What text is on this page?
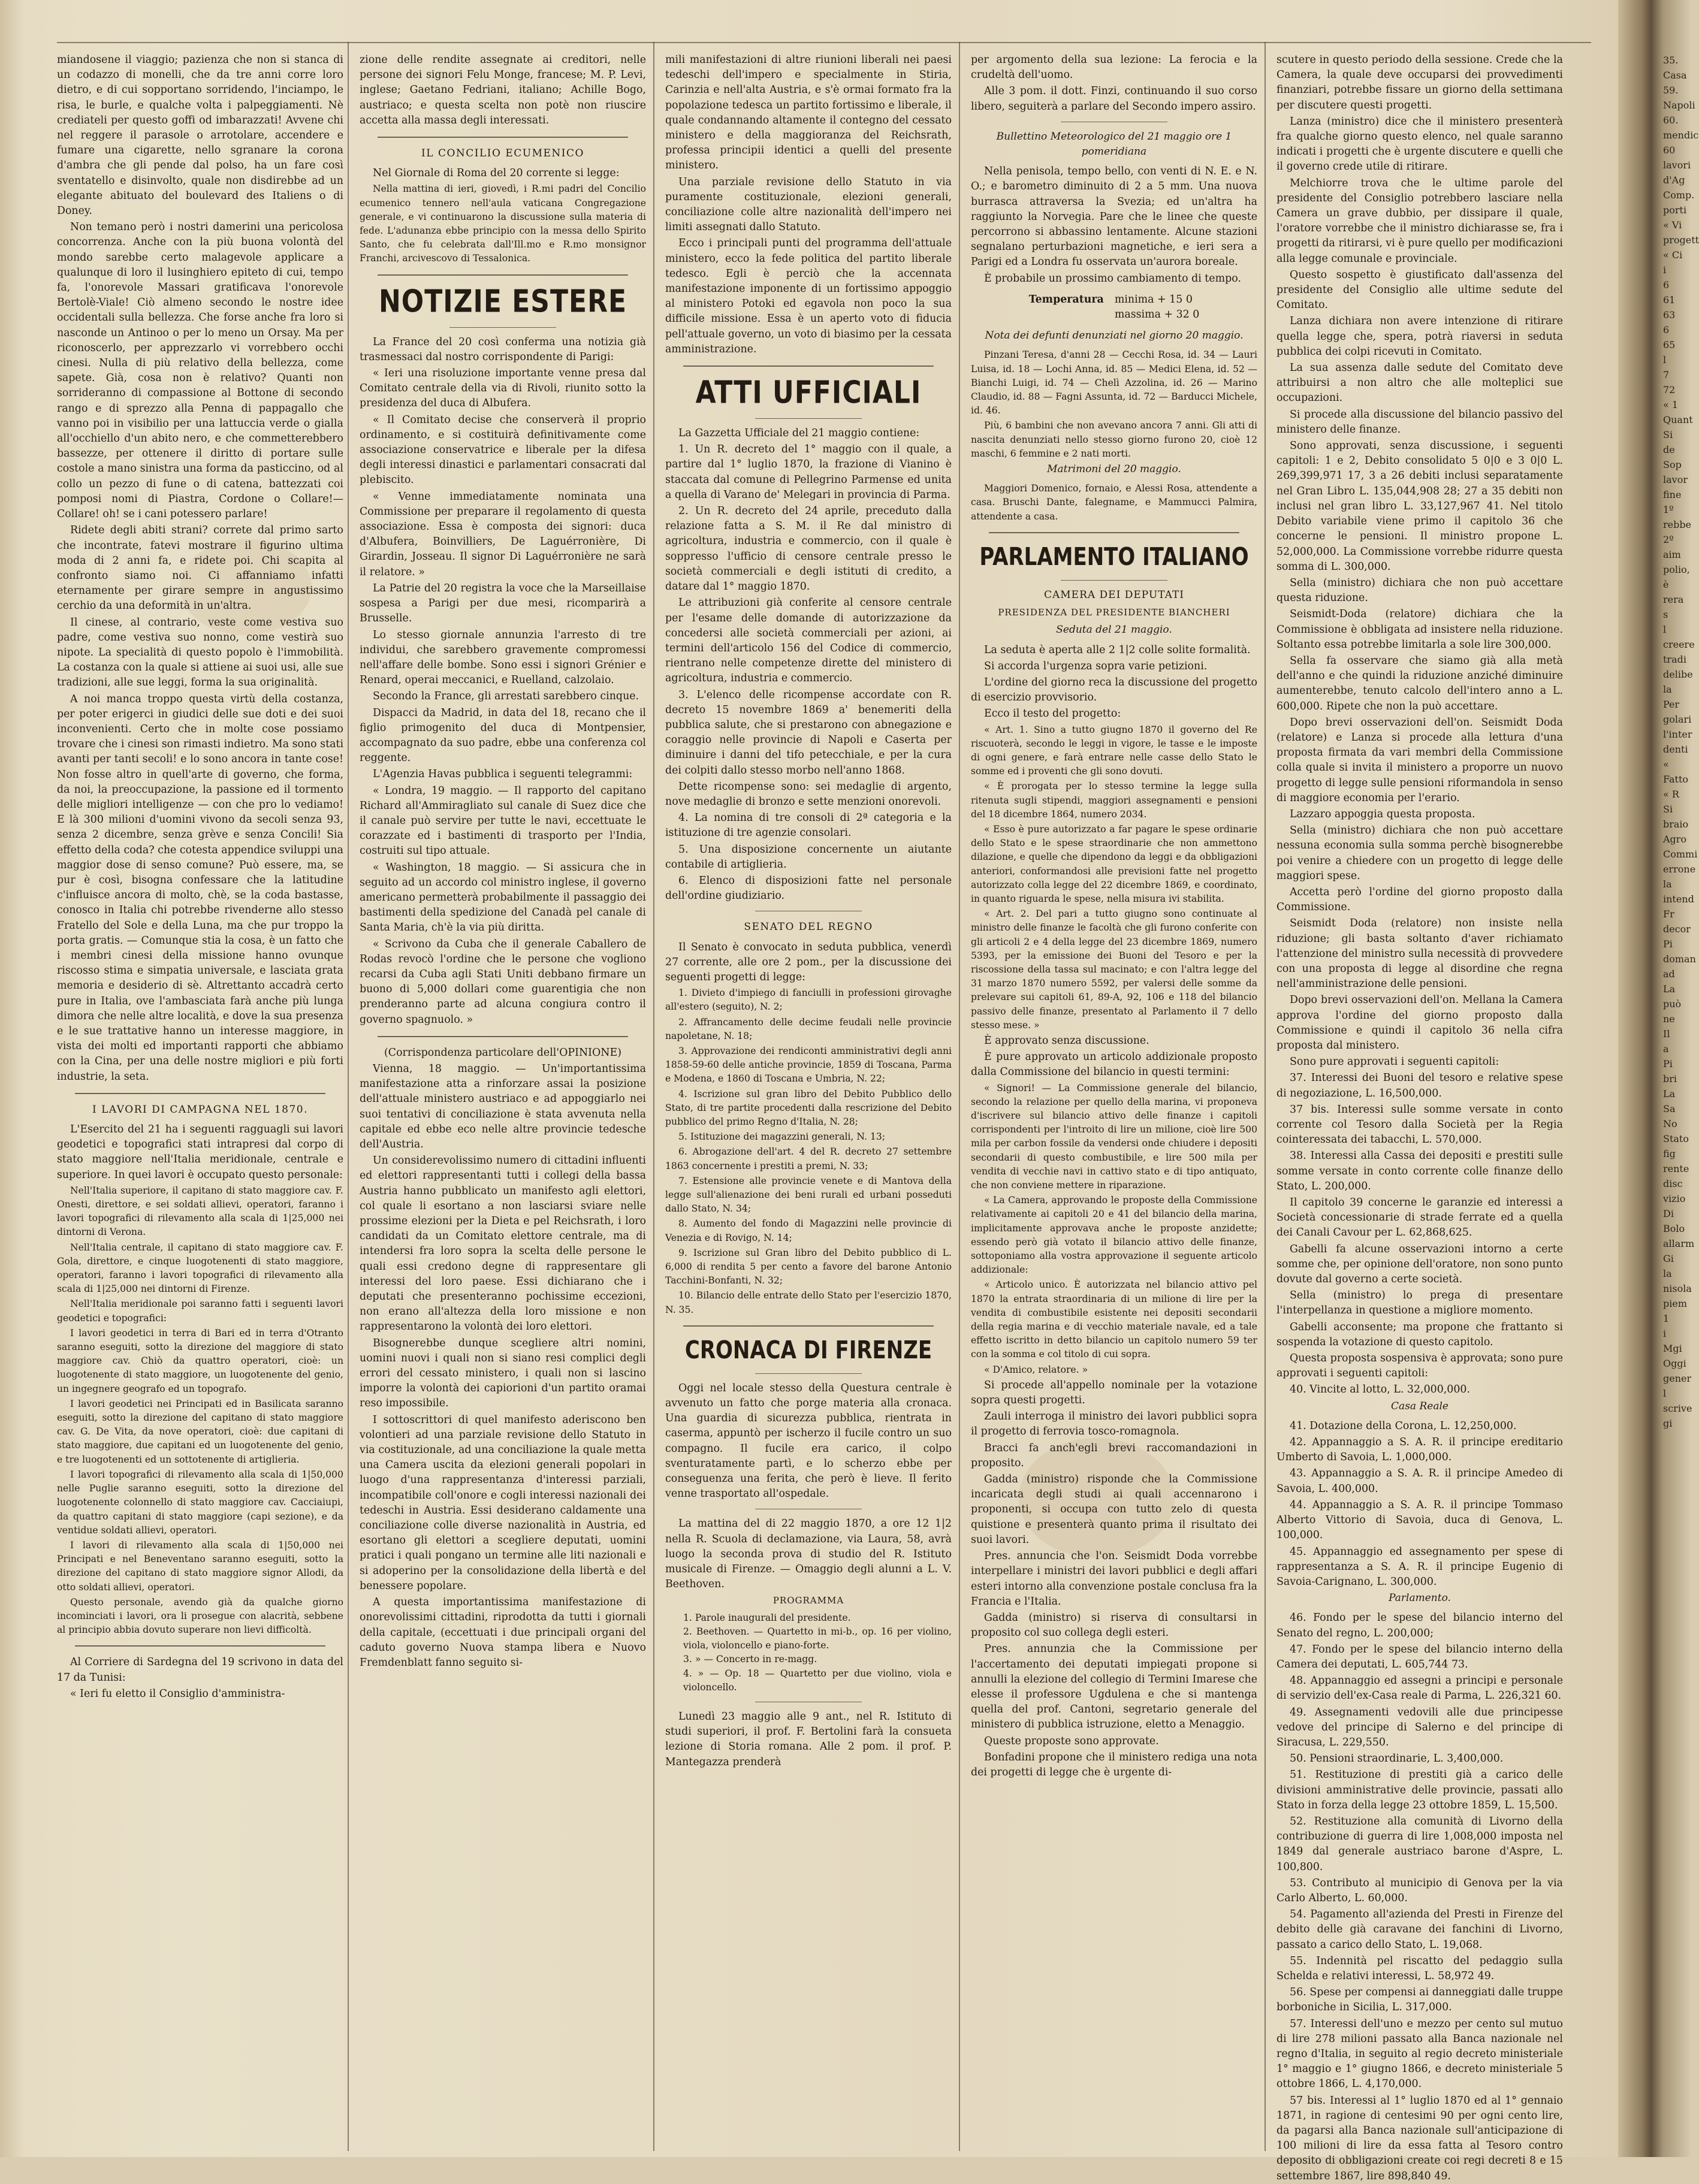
miandosene il viaggio; pazienza che non si stanca di un codazzo di monelli, che da tre anni corre loro dietro, e di cui sopportano sorridendo, l'inciampo, le risa, le burle, e qualche volta i palpeggiamenti. Nè crediateli per questo goffi od imbarazzati! Avvene chi nel reggere il parasole o arrotolare, accendere e fumare una cigarette, nello sgranare la corona d'ambra che gli pende dal polso, ha un fare così sventatello e disinvolto, quale non disdirebbe ad un elegante abituato del boulevard des Italiens o di Doney.

Non temano però i nostri damerini una pericolosa concorrenza. Anche con la più buona volontà del mondo sarebbe certo malagevole applicare a qualunque di loro il lusinghiero epiteto di cui, tempo fa, l'onorevole Massari gratificava l'onorevole Bertolè-Viale! Ciò almeno secondo le nostre idee occidentali sulla bellezza. Che forse anche fra loro si nasconde un Antinoo o per lo meno un Orsay. Ma per riconoscerlo, per apprezzarlo vi vorrebbero occhi cinesi. Nulla di più relativo della bellezza, come sapete. Già, cosa non è relativo? Quanti non sorrideranno di compassione al Bottone di secondo rango e di sprezzo alla Penna di pappagallo che vanno poi in visibilio per una lattuccia verde o gialla all'occhiello d'un abito nero, e che commetterebbero bassezze, per ottenere il diritto di portare sulle costole a mano sinistra una forma da pasticcino, od al collo un pezzo di fune o di catena, battezzati coi pomposi nomi di Piastra, Cordone o Collare!—Collare! oh! se i cani potessero parlare!

Ridete degli abiti strani? correte dal primo sarto che incontrate, fatevi mostrare il figurino ultima moda di 2 anni fa, e ridete poi. Chi scapita al confronto siamo noi. Ci affanniamo infatti eternamente per girare sempre in angustissimo cerchio da una deformità in un'altra.

Il cinese, al contrario, veste come vestiva suo padre, come vestiva suo nonno, come vestirà suo nipote. La specialità di questo popolo è l'immobilità. La costanza con la quale si attiene ai suoi usi, alle sue tradizioni, alle sue leggi, forma la sua originalità.

A noi manca troppo questa virtù della costanza, per poter erigerci in giudici delle sue doti e dei suoi inconvenienti. Certo che in molte cose possiamo trovare che i cinesi son rimasti indietro. Ma sono stati avanti per tanti secoli! e lo sono ancora in tante cose! Non fosse altro in quell'arte di governo, che forma, da noi, la preoccupazione, la passione ed il tormento delle migliori intelligenze — con che pro lo vediamo! E là 300 milioni d'uomini vivono da secoli senza 93, senza 2 dicembre, senza grève e senza Concili! Sia effetto della coda? che cotesta appendice sviluppi una maggior dose di senso comune? Può essere, ma, se pur è così, bisogna confessare che la latitudine c'influisce ancora di molto, chè, se la coda bastasse, conosco in Italia chi potrebbe rivenderne allo stesso Fratello del Sole e della Luna, ma che pur troppo la porta gratis. — Comunque stia la cosa, è un fatto che i membri cinesi della missione hanno ovunque riscosso stima e simpatia universale, e lasciata grata memoria e desiderio di sè. Altrettanto accadrà certo pure in Italia, ove l'ambasciata farà anche più lunga dimora che nelle altre località, e dove la sua presenza e le sue trattative hanno un interesse maggiore, in vista dei molti ed importanti rapporti che abbiamo con la Cina, per una delle nostre migliori e più forti industrie, la seta.

I LAVORI DI CAMPAGNA NEL 1870.

L'Esercito del 21 ha i seguenti ragguagli sui lavori geodetici e topografici stati intrapresi dal corpo di stato maggiore nell'Italia meridionale, centrale e superiore. In quei lavori è occupato questo personale:

Nell'Italia superiore, il capitano di stato maggiore cav. F. Onesti, direttore, e sei soldati allievi, operatori, faranno i lavori topografici di rilevamento alla scala di 1|25,000 nei dintorni di Verona.

Nell'Italia centrale, il capitano di stato maggiore cav. F. Gola, direttore, e cinque luogotenenti di stato maggiore, operatori, faranno i lavori topografici di rilevamento alla scala di 1|25,000 nei dintorni di Firenze.

Nell'Italia meridionale poi saranno fatti i seguenti lavori geodetici e topografici:

I lavori geodetici in terra di Bari ed in terra d'Otranto saranno eseguiti, sotto la direzione del maggiore di stato maggiore cav. Chiò da quattro operatori, cioè: un luogotenente di stato maggiore, un luogotenente del genio, un ingegnere geografo ed un topografo.

I lavori geodetici nei Principati ed in Basilicata saranno eseguiti, sotto la direzione del capitano di stato maggiore cav. G. De Vita, da nove operatori, cioè: due capitani di stato maggiore, due capitani ed un luogotenente del genio, e tre luogotenenti ed un sottotenente di artiglieria.

I lavori topografici di rilevamento alla scala di 1|50,000 nelle Puglie saranno eseguiti, sotto la direzione del luogotenente colonnello di stato maggiore cav. Cacciaiupi, da quattro capitani di stato maggiore (capi sezione), e da ventidue soldati allievi, operatori.

I lavori di rilevamento alla scala di 1|50,000 nei Principati e nel Beneventano saranno eseguiti, sotto la direzione del capitano di stato maggiore signor Allodi, da otto soldati allievi, operatori.

Questo personale, avendo già da qualche giorno incominciati i lavori, ora li prosegue con alacrità, sebbene al principio abbia dovuto superare non lievi difficoltà.

Al Corriere di Sardegna del 19 scrivono in data del 17 da Tunisi:

« Ieri fu eletto il Consiglio d'amministra-

zione delle rendite assegnate ai creditori, nelle persone dei signori Felu Monge, francese; M. P. Levi, inglese; Gaetano Fedriani, italiano; Achille Bogo, austriaco; e questa scelta non potè non riuscire accetta alla massa degli interessati.

IL CONCILIO ECUMENICO

Nel Giornale di Roma del 20 corrente si legge:

Nella mattina di ieri, giovedì, i R.mi padri del Concilio ecumenico tennero nell'aula vaticana Congregazione generale, e vi continuarono la discussione sulla materia di fede. L'adunanza ebbe principio con la messa dello Spirito Santo, che fu celebrata dall'Ill.mo e R.mo monsignor Franchi, arcivescovo di Tessalonica.

NOTIZIE ESTERE

La France del 20 così conferma una notizia già trasmessaci dal nostro corrispondente di Parigi:

« Ieri una risoluzione importante venne presa dal Comitato centrale della via di Rivoli, riunito sotto la presidenza del duca di Albufera.

« Il Comitato decise che conserverà il proprio ordinamento, e si costituirà definitivamente come associazione conservatrice e liberale per la difesa degli interessi dinastici e parlamentari consacrati dal plebiscito.

« Venne immediatamente nominata una Commissione per preparare il regolamento di questa associazione. Essa è composta dei signori: duca d'Albufera, Boinvilliers, De Laguérronière, Di Girardin, Josseau. Il signor Di Laguérronière ne sarà il relatore. »

La Patrie del 20 registra la voce che la Marseillaise sospesa a Parigi per due mesi, ricomparirà a Brusselle.

Lo stesso giornale annunzia l'arresto di tre individui, che sarebbero gravemente compromessi nell'affare delle bombe. Sono essi i signori Grénier e Renard, operai meccanici, e Ruelland, calzolaio.

Secondo la France, gli arrestati sarebbero cinque.

Dispacci da Madrid, in data del 18, recano che il figlio primogenito del duca di Montpensier, accompagnato da suo padre, ebbe una conferenza col reggente.

L'Agenzia Havas pubblica i seguenti telegrammi:

« Londra, 19 maggio. — Il rapporto del capitano Richard all'Ammiragliato sul canale di Suez dice che il canale può servire per tutte le navi, eccettuate le corazzate ed i bastimenti di trasporto per l'India, costruiti sul tipo attuale.

« Washington, 18 maggio. — Si assicura che in seguito ad un accordo col ministro inglese, il governo americano permetterà probabilmente il passaggio dei bastimenti della spedizione del Canadà pel canale di Santa Maria, ch'è la via più diritta.

« Scrivono da Cuba che il generale Caballero de Rodas revocò l'ordine che le persone che vogliono recarsi da Cuba agli Stati Uniti debbano firmare un buono di 5,000 dollari come guarentigia che non prenderanno parte ad alcuna congiura contro il governo spagnuolo. »

(Corrispondenza particolare dell'OPINIONE)

Vienna, 18 maggio. — Un'importantissima manifestazione atta a rinforzare assai la posizione dell'attuale ministero austriaco e ad appoggiarlo nei suoi tentativi di conciliazione è stata avvenuta nella capitale ed ebbe eco nelle altre provincie tedesche dell'Austria.

Un considerevolissimo numero di cittadini influenti ed elettori rappresentanti tutti i collegi della bassa Austria hanno pubblicato un manifesto agli elettori, col quale li esortano a non lasciarsi sviare nelle prossime elezioni per la Dieta e pel Reichsrath, i loro candidati da un Comitato elettore centrale, ma di intendersi fra loro sopra la scelta delle persone le quali essi credono degne di rappresentare gli interessi del loro paese. Essi dichiarano che i deputati che presenteranno pochissime eccezioni, non erano all'altezza della loro missione e non rappresentarono la volontà dei loro elettori.

Bisognerebbe dunque scegliere altri nomini, uomini nuovi i quali non si siano resi complici degli errori del cessato ministero, i quali non si lascino imporre la volontà dei capiorioni d'un partito oramai reso impossibile.

I sottoscrittori di quel manifesto aderiscono ben volontieri ad una parziale revisione dello Statuto in via costituzionale, ad una conciliazione la quale metta una Camera uscita da elezioni generali popolari in luogo d'una rappresentanza d'interessi parziali, incompatibile coll'onore e cogli interessi nazionali dei tedeschi in Austria. Essi desiderano caldamente una conciliazione colle diverse nazionalità in Austria, ed esortano gli elettori a scegliere deputati, uomini pratici i quali pongano un termine alle liti nazionali e si adoperino per la consolidazione della libertà e del benessere popolare.

A questa importantissima manifestazione di onorevolissimi cittadini, riprodotta da tutti i giornali della capitale, (eccettuati i due principali organi del caduto governo Nuova stampa libera e Nuovo Fremdenblatt fanno seguito si-

mili manifestazioni di altre riunioni liberali nei paesi tedeschi dell'impero e specialmente in Stiria, Carinzia e nell'alta Austria, e s'è ormai formato fra la popolazione tedesca un partito fortissimo e liberale, il quale condannando altamente il contegno del cessato ministero e della maggioranza del Reichsrath, professa principii identici a quelli del presente ministero.

Una parziale revisione dello Statuto in via puramente costituzionale, elezioni generali, conciliazione colle altre nazionalità dell'impero nei limiti assegnati dallo Statuto.

Ecco i principali punti del programma dell'attuale ministero, ecco la fede politica del partito liberale tedesco. Egli è perciò che la accennata manifestazione imponente di un fortissimo appoggio al ministero Potoki ed egavola non poco la sua difficile missione. Essa è un aperto voto di fiducia pell'attuale governo, un voto di biasimo per la cessata amministrazione.

ATTI UFFICIALI

La Gazzetta Ufficiale del 21 maggio contiene:

1. Un R. decreto del 1° maggio con il quale, a partire dal 1° luglio 1870, la frazione di Vianino è staccata dal comune di Pellegrino Parmense ed unita a quella di Varano de' Melegari in provincia di Parma.

2. Un R. decreto del 24 aprile, preceduto dalla relazione fatta a S. M. il Re dal ministro di agricoltura, industria e commercio, con il quale è soppresso l'ufficio di censore centrale presso le società commerciali e degli istituti di credito, a datare dal 1° maggio 1870.

Le attribuzioni già conferite al censore centrale per l'esame delle domande di autorizzazione da concedersi alle società commerciali per azioni, ai termini dell'articolo 156 del Codice di commercio, rientrano nelle competenze dirette del ministero di agricoltura, industria e commercio.

3. L'elenco delle ricompense accordate con R. decreto 15 novembre 1869 a' benemeriti della pubblica salute, che si prestarono con abnegazione e coraggio nelle provincie di Napoli e Caserta per diminuire i danni del tifo petecchiale, e per la cura dei colpiti dallo stesso morbo nell'anno 1868.

Dette ricompense sono: sei medaglie di argento, nove medaglie di bronzo e sette menzioni onorevoli.

4. La nomina di tre consoli di 2ª categoria e la istituzione di tre agenzie consolari.

5. Una disposizione concernente un aiutante contabile di artiglieria.

6. Elenco di disposizioni fatte nel personale dell'ordine giudiziario.

SENATO DEL REGNO

Il Senato è convocato in seduta pubblica, venerdì 27 corrente, alle ore 2 pom., per la discussione dei seguenti progetti di legge:

1. Divieto d'impiego di fanciulli in professioni girovaghe all'estero (seguito), N. 2;

2. Affrancamento delle decime feudali nelle provincie napoletane, N. 18;

3. Approvazione dei rendiconti amministrativi degli anni 1858-59-60 delle antiche provincie, 1859 di Toscana, Parma e Modena, e 1860 di Toscana e Umbria, N. 22;

4. Iscrizione sul gran libro del Debito Pubblico dello Stato, di tre partite procedenti dalla rescrizione del Debito pubblico del primo Regno d'Italia, N. 28;

5. Istituzione dei magazzini generali, N. 13;

6. Abrogazione dell'art. 4 del R. decreto 27 settembre 1863 concernente i prestiti a premi, N. 33;

7. Estensione alle provincie venete e di Mantova della legge sull'alienazione dei beni rurali ed urbani posseduti dallo Stato, N. 34;

8. Aumento del fondo di Magazzini nelle provincie di Venezia e di Rovigo, N. 14;

9. Iscrizione sul Gran libro del Debito pubblico di L. 6,000 di rendita 5 per cento a favore del barone Antonio Tacchini-Bonfanti, N. 32;

10. Bilancio delle entrate dello Stato per l'esercizio 1870, N. 35.

CRONACA DI FIRENZE

Oggi nel locale stesso della Questura centrale è avvenuto un fatto che porge materia alla cronaca. Una guardia di sicurezza pubblica, rientrata in caserma, appuntò per ischerzo il fucile contro un suo compagno. Il fucile era carico, il colpo sventuratamente partì, e lo scherzo ebbe per conseguenza una ferita, che però è lieve. Il ferito venne trasportato all'ospedale.

La mattina del di 22 maggio 1870, a ore 12 1|2 nella R. Scuola di declamazione, via Laura, 58, avrà luogo la seconda prova di studio del R. Istituto musicale di Firenze. — Omaggio degli alunni a L. V. Beethoven.

PROGRAMMA
1. Parole inaugurali del presidente.
2. Beethoven. — Quartetto in mi-b., op. 16 per violino, viola, violoncello e piano-forte.
3. » — Concerto in re-magg.
4. » — Op. 18 — Quartetto per due violino, viola e violoncello.

Lunedì 23 maggio alle 9 ant., nel R. Istituto di studi superiori, il prof. F. Bertolini farà la consueta lezione di Storia romana. Alle 2 pom. il prof. P. Mantegazza prenderà

per argomento della sua lezione: La ferocia e la crudeltà dell'uomo.

Alle 3 pom. il dott. Finzi, continuando il suo corso libero, seguiterà a parlare del Secondo impero assiro.

Bullettino Meteorologico del 21 maggio ore 1 pomeridiana

Nella penisola, tempo bello, con venti di N. E. e N. O.; e barometro diminuito di 2 a 5 mm. Una nuova burrasca attraversa la Svezia; ed un'altra ha raggiunto la Norvegia. Pare che le linee che queste percorrono si abbassino lentamente. Alcune stazioni segnalano perturbazioni magnetiche, e ieri sera a Parigi ed a Londra fu osservata un'aurora boreale.

È probabile un prossimo cambiamento di tempo.

Temperatura minima + 15 0
massima + 32 0
Nota dei defunti denunziati nel giorno 20 maggio.

Pinzani Teresa, d'anni 28 — Cecchi Rosa, id. 34 — Lauri Luisa, id. 18 — Lochi Anna, id. 85 — Medici Elena, id. 52 — Bianchi Luigi, id. 74 — Chelì Azzolina, id. 26 — Marino Claudio, id. 88 — Fagni Assunta, id. 72 — Barducci Michele, id. 46.

Più, 6 bambini che non avevano ancora 7 anni. Gli atti di nascita denunziati nello stesso giorno furono 20, cioè 12 maschi, 6 femmine e 2 nati morti.

Matrimoni del 20 maggio.

Maggiori Domenico, fornaio, e Alessi Rosa, attendente a casa. Bruschi Dante, falegname, e Mammucci Palmira, attendente a casa.

PARLAMENTO ITALIANO
CAMERA DEI DEPUTATI
PRESIDENZA DEL PRESIDENTE BIANCHERI
Seduta del 21 maggio.

La seduta è aperta alle 2 1|2 colle solite formalità.

Si accorda l'urgenza sopra varie petizioni.

L'ordine del giorno reca la discussione del progetto di esercizio provvisorio.

Ecco il testo del progetto:

« Art. 1. Sino a tutto giugno 1870 il governo del Re riscuoterà, secondo le leggi in vigore, le tasse e le imposte di ogni genere, e farà entrare nelle casse dello Stato le somme ed i proventi che gli sono dovuti.

« È prorogata per lo stesso termine la legge sulla ritenuta sugli stipendi, maggiori assegnamenti e pensioni del 18 dicembre 1864, numero 2034.

« Esso è pure autorizzato a far pagare le spese ordinarie dello Stato e le spese straordinarie che non ammettono dilazione, e quelle che dipendono da leggi e da obbligazioni anteriori, conformandosi alle previsioni fatte nel progetto autorizzato colla legge del 22 dicembre 1869, e coordinato, in quanto riguarda le spese, nella misura ivi stabilita.

« Art. 2. Del pari a tutto giugno sono continuate al ministro delle finanze le facoltà che gli furono conferite con gli articoli 2 e 4 della legge del 23 dicembre 1869, numero 5393, per la emissione dei Buoni del Tesoro e per la riscossione della tassa sul macinato; e con l'altra legge del 31 marzo 1870 numero 5592, per valersi delle somme da prelevare sui capitoli 61, 89-A, 92, 106 e 118 del bilancio passivo delle finanze, presentato al Parlamento il 7 dello stesso mese. »

È approvato senza discussione.

È pure approvato un articolo addizionale proposto dalla Commissione del bilancio in questi termini:

« Signori! — La Commissione generale del bilancio, secondo la relazione per quello della marina, vi proponeva d'iscrivere sul bilancio attivo delle finanze i capitoli corrispondenti per l'introito di lire un milione, cioè lire 500 mila per carbon fossile da vendersi onde chiudere i depositi secondarii di questo combustibile, e lire 500 mila per vendita di vecchie navi in cattivo stato e di tipo antiquato, che non conviene mettere in riparazione.

« La Camera, approvando le proposte della Commissione relativamente ai capitoli 20 e 41 del bilancio della marina, implicitamente approvava anche le proposte anzidette; essendo però già votato il bilancio attivo delle finanze, sottoponiamo alla vostra approvazione il seguente articolo addizionale:

« Articolo unico. È autorizzata nel bilancio attivo pel 1870 la entrata straordinaria di un milione di lire per la vendita di combustibile esistente nei depositi secondarii della regia marina e di vecchio materiale navale, ed a tale effetto iscritto in detto bilancio un capitolo numero 59 ter con la somma e col titolo di cui sopra.

« D'Amico, relatore. »

Si procede all'appello nominale per la votazione sopra questi progetti.

Zauli interroga il ministro dei lavori pubblici sopra il progetto di ferrovia tosco-romagnola.

Bracci fa anch'egli brevi raccomandazioni in proposito.

Gadda (ministro) risponde che la Commissione incaricata degli studi ai quali accennarono i proponenti, si occupa con tutto zelo di questa quistione e presenterà quanto prima il risultato dei suoi lavori.

Pres. annuncia che l'on. Seismidt Doda vorrebbe interpellare i ministri dei lavori pubblici e degli affari esteri intorno alla convenzione postale conclusa fra la Francia e l'Italia.

Gadda (ministro) si riserva di consultarsi in proposito col suo collega degli esteri.

Pres. annunzia che la Commissione per l'accertamento dei deputati impiegati propone si annulli la elezione del collegio di Termini Imarese che elesse il professore Ugdulena e che si mantenga quella del prof. Cantoni, segretario generale del ministero di pubblica istruzione, eletto a Menaggio.

Queste proposte sono approvate.

Bonfadini propone che il ministero rediga una nota dei progetti di legge che è urgente di-

scutere in questo periodo della sessione. Crede che la Camera, la quale deve occuparsi dei provvedimenti finanziari, potrebbe fissare un giorno della settimana per discutere questi progetti.

Lanza (ministro) dice che il ministero presenterà fra qualche giorno questo elenco, nel quale saranno indicati i progetti che è urgente discutere e quelli che il governo crede utile di ritirare.

Melchiorre trova che le ultime parole del presidente del Consiglio potrebbero lasciare nella Camera un grave dubbio, per dissipare il quale, l'oratore vorrebbe che il ministro dichiarasse se, fra i progetti da ritirarsi, vi è pure quello per modificazioni alla legge comunale e provinciale.

Questo sospetto è giustificato dall'assenza del presidente del Consiglio alle ultime sedute del Comitato.

Lanza dichiara non avere intenzione di ritirare quella legge che, spera, potrà riaversi in seduta pubblica dei colpi ricevuti in Comitato.

La sua assenza dalle sedute del Comitato deve attribuirsi a non altro che alle molteplici sue occupazioni.

Si procede alla discussione del bilancio passivo del ministero delle finanze.

Sono approvati, senza discussione, i seguenti capitoli: 1 e 2, Debito consolidato 5 0|0 e 3 0|0 L. 269,399,971 17, 3 a 26 debiti inclusi separatamente nel Gran Libro L. 135,044,908 28; 27 a 35 debiti non inclusi nel gran libro L. 33,127,967 41. Nel titolo Debito variabile viene primo il capitolo 36 che concerne le pensioni. Il ministro propone L. 52,000,000. La Commissione vorrebbe ridurre questa somma di L. 300,000.

Sella (ministro) dichiara che non può accettare questa riduzione.

Seismidt-Doda (relatore) dichiara che la Commissione è obbligata ad insistere nella riduzione. Soltanto essa potrebbe limitarla a sole lire 300,000.

Sella fa osservare che siamo già alla metà dell'anno e che quindi la riduzione anziché diminuire aumenterebbe, tenuto calcolo dell'intero anno a L. 600,000. Ripete che non la può accettare.

Dopo brevi osservazioni dell'on. Seismidt Doda (relatore) e Lanza si procede alla lettura d'una proposta firmata da vari membri della Commissione colla quale si invita il ministero a proporre un nuovo progetto di legge sulle pensioni riformandola in senso di maggiore economia per l'erario.

Lazzaro appoggia questa proposta.

Sella (ministro) dichiara che non può accettare nessuna economia sulla somma perchè bisognerebbe poi venire a chiedere con un progetto di legge delle maggiori spese.

Accetta però l'ordine del giorno proposto dalla Commissione.

Seismidt Doda (relatore) non insiste nella riduzione; gli basta soltanto d'aver richiamato l'attenzione del ministro sulla necessità di provvedere con una proposta di legge al disordine che regna nell'amministrazione delle pensioni.

Dopo brevi osservazioni dell'on. Mellana la Camera approva l'ordine del giorno proposto dalla Commissione e quindi il capitolo 36 nella cifra proposta dal ministero.

Sono pure approvati i seguenti capitoli:

37. Interessi dei Buoni del tesoro e relative spese di negoziazione, L. 16,500,000.

37 bis. Interessi sulle somme versate in conto corrente col Tesoro dalla Società per la Regia cointeressata dei tabacchi, L. 570,000.

38. Interessi alla Cassa dei depositi e prestiti sulle somme versate in conto corrente colle finanze dello Stato, L. 200,000.

Il capitolo 39 concerne le garanzie ed interessi a Società concessionarie di strade ferrate ed a quella dei Canali Cavour per L. 62,868,625.

Gabelli fa alcune osservazioni intorno a certe somme che, per opinione dell'oratore, non sono punto dovute dal governo a certe società.

Sella (ministro) lo prega di presentare l'interpellanza in questione a migliore momento.

Gabelli acconsente; ma propone che frattanto si sospenda la votazione di questo capitolo.

Questa proposta sospensiva è approvata; sono pure approvati i seguenti capitoli:

40. Vincite al lotto, L. 32,000,000.

Casa Reale

41. Dotazione della Corona, L. 12,250,000.

42. Appannaggio a S. A. R. il principe ereditario Umberto di Savoia, L. 1,000,000.

43. Appannaggio a S. A. R. il principe Amedeo di Savoia, L. 400,000.

44. Appannaggio a S. A. R. il principe Tommaso Alberto Vittorio di Savoia, duca di Genova, L. 100,000.

45. Appannaggio ed assegnamento per spese di rappresentanza a S. A. R. il principe Eugenio di Savoia-Carignano, L. 300,000.

Parlamento.

46. Fondo per le spese del bilancio interno del Senato del regno, L. 200,000;

47. Fondo per le spese del bilancio interno della Camera dei deputati, L. 605,744 73.

48. Appannaggio ed assegni a principi e personale di servizio dell'ex-Casa reale di Parma, L. 226,321 60.

49. Assegnamenti vedovili alle due principesse vedove del principe di Salerno e del principe di Siracusa, L. 229,550.

50. Pensioni straordinarie, L. 3,400,000.

51. Restituzione di prestiti già a carico delle divisioni amministrative delle provincie, passati allo Stato in forza della legge 23 ottobre 1859, L. 15,500.

52. Restituzione alla comunità di Livorno della contribuzione di guerra di lire 1,008,000 imposta nel 1849 dal generale austriaco barone d'Aspre, L. 100,800.

53. Contributo al municipio di Genova per la via Carlo Alberto, L. 60,000.

54. Pagamento all'azienda del Presti in Firenze del debito delle già caravane dei fanchini di Livorno, passato a carico dello Stato, L. 19,068.

55. Indennità pel riscatto del pedaggio sulla Schelda e relativi interessi, L. 58,972 49.

56. Spese per compensi ai danneggiati dalle truppe borboniche in Sicilia, L. 317,000.

57. Interessi dell'uno e mezzo per cento sul mutuo di lire 278 milioni passato alla Banca nazionale nel regno d'Italia, in seguito al regio decreto ministeriale 1° maggio e 1° giugno 1866, e decreto ministeriale 5 ottobre 1866, L. 4,170,000.

57 bis. Interessi al 1° luglio 1870 ed al 1° gennaio 1871, in ragione di centesimi 90 per ogni cento lire, da pagarsi alla Banca nazionale sull'anticipazione di 100 milioni di lire da essa fatta al Tesoro contro deposito di obbligazioni create coi regi decreti 8 e 15 settembre 1867, lire 898,840 49.

35.
Casa
59.
Napoli
60.
mendic
60
lavori
d'Ag
Comp.
porti
« Vi
progett
« Ci
i
6
61
63
6
65
l
7
72
« 1
Quant
Si
de
Sop
lavor
fine
1º
rebbe
2º
aim
polio,
è
rera
s
l
creere
tradi
delibe
la
Per
golari
l'inter
denti
«
Fatto
« R
Si
braio
Agro
Commi
errone
la
intend
Fr
decor
Pi
doman
ad
La
può
ne
Il
a
Pi
bri
La
Sa
No
Stato
fig
rente
disc
vizio
Di
Bolo
allarm
Gi
la
nisola
piem
1
i
Mgi
Oggi
gener
l
scrive
gi
